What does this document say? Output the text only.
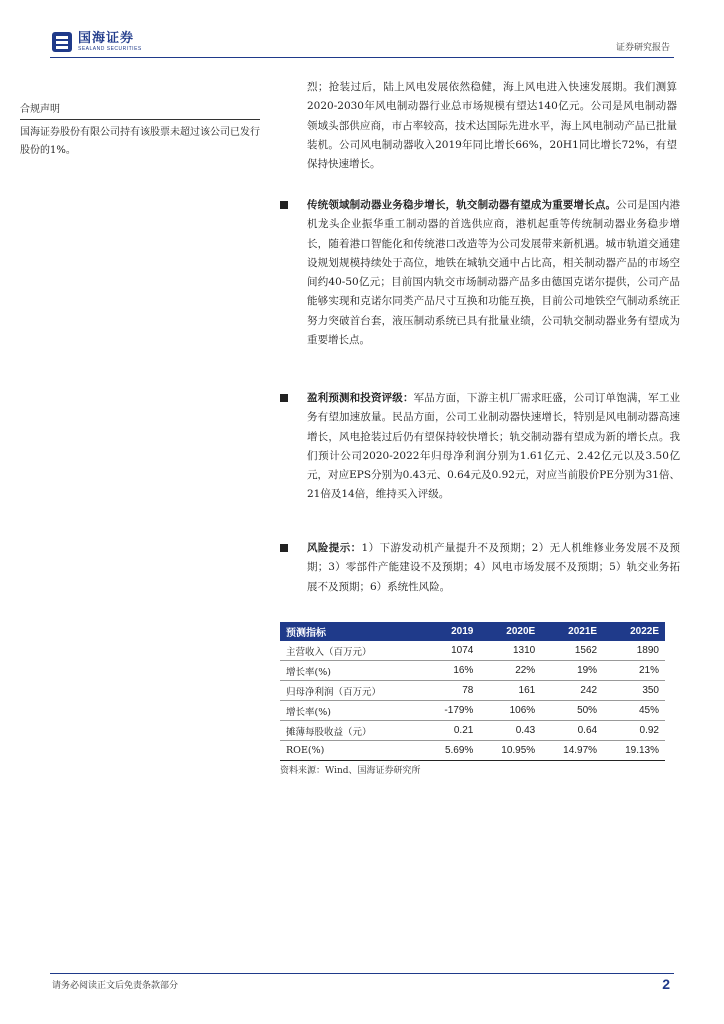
国海证券
SEALAND SECURITIES	证券研究报告
合规声明
国海证券股份有限公司持有该股票未超过该公司已发行股份的1%。

烈；抢装过后，陆上风电发展依然稳健，海上风电进入快速发展期。我们测算2020-2030年风电制动器行业总市场规模有望达140亿元。公司是风电制动器领域头部供应商，市占率较高，技术达国际先进水平，海上风电制动产品已批量装机。公司风电制动器收入2019年同比增长66%，20H1同比增长72%，有望保持快速增长。

传统领域制动器业务稳步增长，轨交制动器有望成为重要增长点。公司是国内港机龙头企业振华重工制动器的首选供应商，港机起重等传统制动器业务稳步增长，随着港口智能化和传统港口改造等为公司发展带来新机遇。城市轨道交通建设规划规模持续处于高位，地铁在城轨交通中占比高，相关制动器产品的市场空间约40-50亿元；目前国内轨交市场制动器产品多由德国克诺尔提供，公司产品能够实现和克诺尔同类产品尺寸互换和功能互换，目前公司地铁空气制动系统正努力突破首台套，液压制动系统已具有批量业绩，公司轨交制动器业务有望成为重要增长点。
盈利预测和投资评级：军品方面，下游主机厂需求旺盛，公司订单饱满，军工业务有望加速放量。民品方面，公司工业制动器快速增长，特别是风电制动器高速增长，风电抢装过后仍有望保持较快增长；轨交制动器有望成为新的增长点。我们预计公司2020-2022年归母净利润分别为1.61亿元、2.42亿元以及3.50亿元，对应EPS分别为0.43元、0.64元及0.92元，对应当前股价PE分别为31倍、21倍及14倍，维持买入评级。
风险提示：1）下游发动机产量提升不及预期；2）无人机维修业务发展不及预期；3）零部件产能建设不及预期；4）风电市场发展不及预期；5）轨交业务拓展不及预期；6）系统性风险。
预测指标	2019	2020E	2021E	2022E
主营收入（百万元）	1074	1310	1562	1890
增长率(%)	16%	22%	19%	21%
归母净利润（百万元）	78	161	242	350
增长率(%)	-179%	106%	50%	45%
摊薄每股收益（元）	0.21	0.43	0.64	0.92
ROE(%)	5.69%	10.95%	14.97%	19.13%
资料来源：Wind、国海证券研究所
请务必阅读正文后免责条款部分	2
